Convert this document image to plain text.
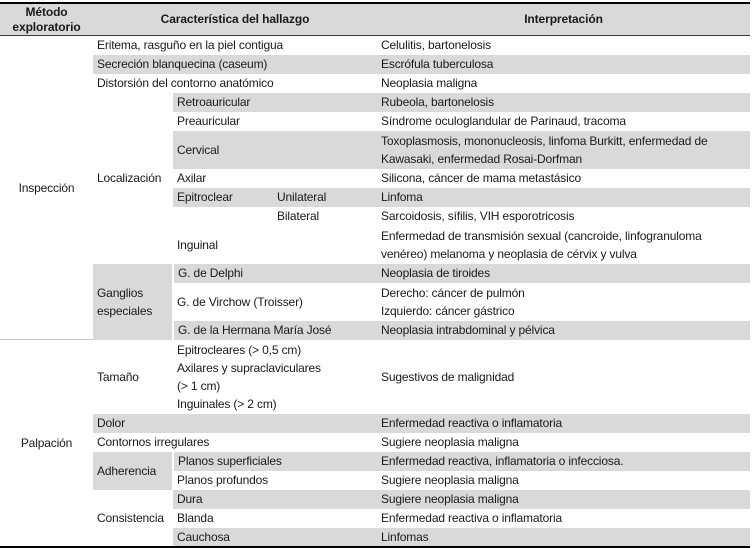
Método exploratorio	Característica del hallazgo			Interpretación
Inspección	Eritema, rasguño en la piel contigua			Celulitis, bartonelosis
	Secreción blanquecina (caseum)			Escrófula tuberculosa
	Distorsión del contorno anatómico			Neoplasia maligna
	Localización	Retroauricular		Rubeola, bartonelosis
		Preauricular		Síndrome oculoglandular de Parinaud, tracoma
		Cervical		Toxoplasmosis, mononucleosis, linfoma Burkitt, enfermedad de Kawasaki, enfermedad Rosai-Dorfman
		Axilar		Silicona, cáncer de mama metastásico
		Epitroclear	Unilateral	Linfoma
			Bilateral	Sarcoidosis, sífilis, VIH esporotricosis
		Inguinal		Enfermedad de transmisión sexual (cancroide, linfogranuloma venéreo) melanoma y neoplasia de cérvix y vulva
	Ganglios especiales	G. de Delphi		Neoplasia de tiroides
		G. de Virchow (Troisser)		Derecho: cáncer de pulmón
Izquierdo: cáncer gástrico

		G. de la Hermana María José		Neoplasia intrabdominal y pélvica
Palpación	Tamaño	Epitrocleares (> 0,5 cm)
Axilares y supraclaviculares
(> 1 cm)
Inguinales (> 2 cm)		Sugestivos de malignidad
	Dolor			Enfermedad reactiva o inflamatoria
	Contornos irregulares			Sugiere neoplasia maligna
	Adherencia	Planos superficiales		Enfermedad reactiva, inflamatoria o infecciosa.
		Planos profundos		Sugiere neoplasia maligna
	Consistencia	Dura		Sugiere neoplasia maligna
		Blanda		Enfermedad reactiva o inflamatoria
		Cauchosa		Linfomas
